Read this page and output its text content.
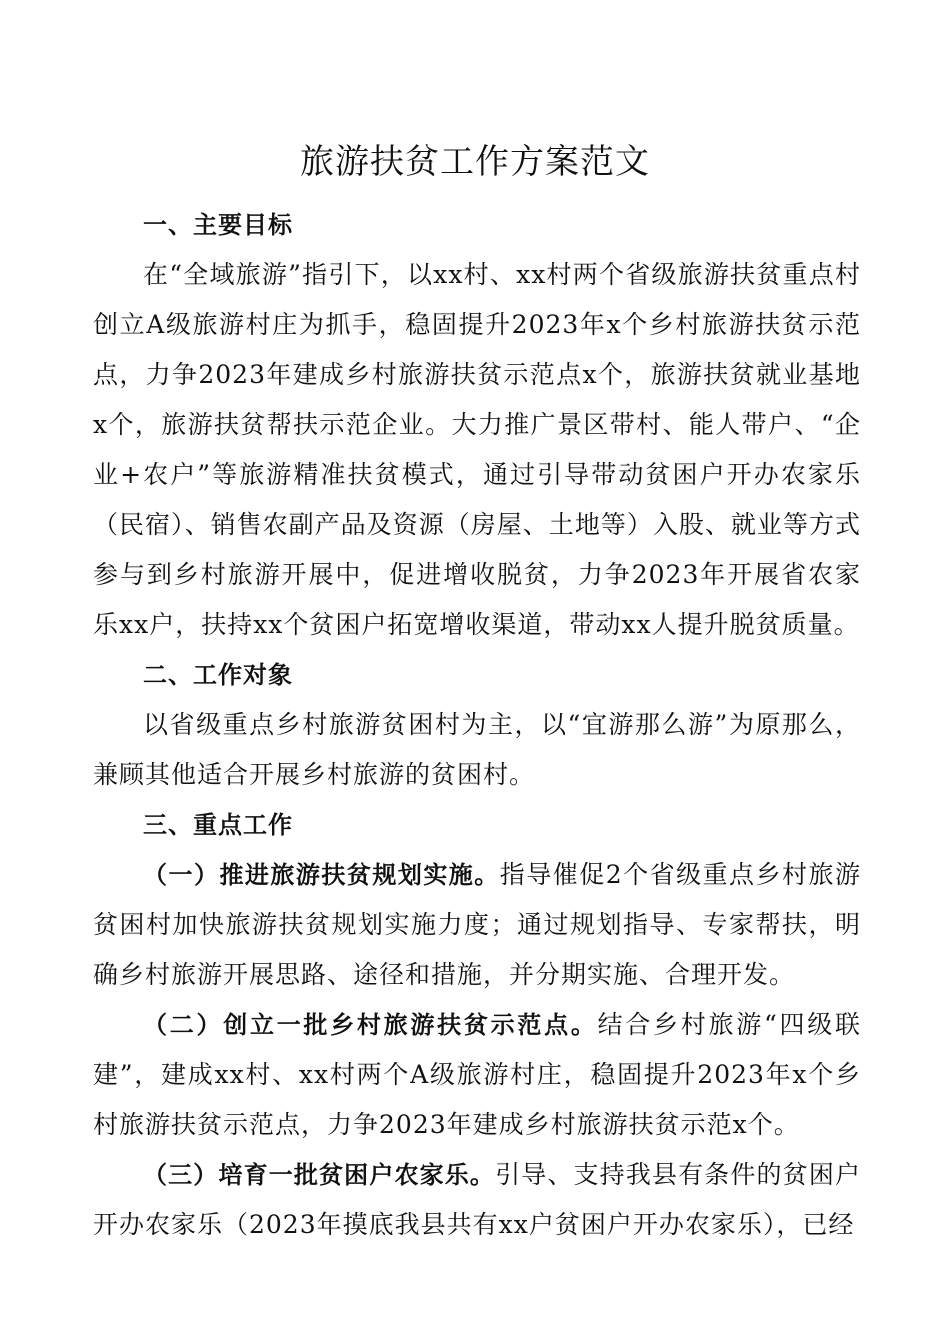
旅游扶贫工作方案范文
一、主要目标

在“全域旅游”指引下，以xx村、xx村两个省级旅游扶贫重点村创立A级旅游村庄为抓手，稳固提升2023年x个乡村旅游扶贫示范点，力争2023年建成乡村旅游扶贫示范点x个，旅游扶贫就业基地x个，旅游扶贫帮扶示范企业。大力推广景区带村、能人带户、“企业+农户”等旅游精准扶贫模式，通过引导带动贫困户开办农家乐（民宿）、销售农副产品及资源（房屋、土地等）入股、就业等方式参与到乡村旅游开展中，促进增收脱贫，力争2023年开展省农家乐xx户，扶持xx个贫困户拓宽增收渠道，带动xx人提升脱贫质量。

二、工作对象

以省级重点乡村旅游贫困村为主，以“宜游那么游”为原那么，兼顾其他适合开展乡村旅游的贫困村。

三、重点工作

（一）推进旅游扶贫规划实施。指导催促2个省级重点乡村旅游贫困村加快旅游扶贫规划实施力度；通过规划指导、专家帮扶，明确乡村旅游开展思路、途径和措施，并分期实施、合理开发。

（二）创立一批乡村旅游扶贫示范点。结合乡村旅游“四级联建”，建成xx村、xx村两个A级旅游村庄，稳固提升2023年x个乡村旅游扶贫示范点，力争2023年建成乡村旅游扶贫示范x个。

（三）培育一批贫困户农家乐。引导、支持我县有条件的贫困户开办农家乐（2023年摸底我县共有xx户贫困户开办农家乐），已经
